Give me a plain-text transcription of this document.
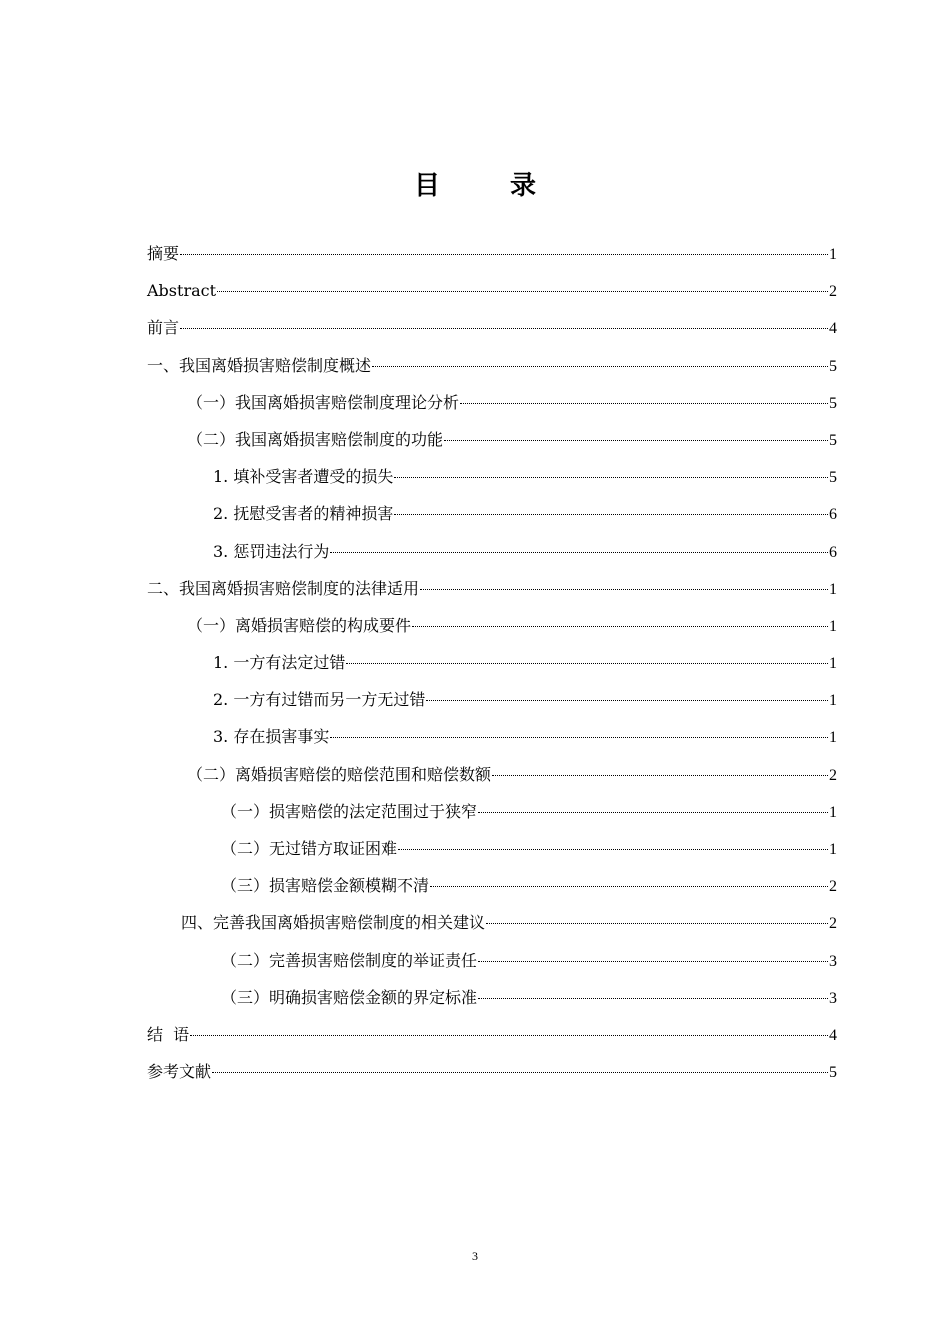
目　录
摘要	1
Abstract	2
前言	4
一、我国离婚损害赔偿制度概述	5
（一）我国离婚损害赔偿制度理论分析	5
（二）我国离婚损害赔偿制度的功能	5
1. 填补受害者遭受的损失	5
2. 抚慰受害者的精神损害	6
3. 惩罚违法行为	6
二、我国离婚损害赔偿制度的法律适用	1
（一）离婚损害赔偿的构成要件	1
1. 一方有法定过错	1
2. 一方有过错而另一方无过错	1
3. 存在损害事实	1
（二）离婚损害赔偿的赔偿范围和赔偿数额	2
（一）损害赔偿的法定范围过于狭窄	1
（二）无过错方取证困难	1
（三）损害赔偿金额模糊不清	2
四、完善我国离婚损害赔偿制度的相关建议	2
（二）完善损害赔偿制度的举证责任	3
（三）明确损害赔偿金额的界定标准	3
结  语	4
参考文献	5
3
